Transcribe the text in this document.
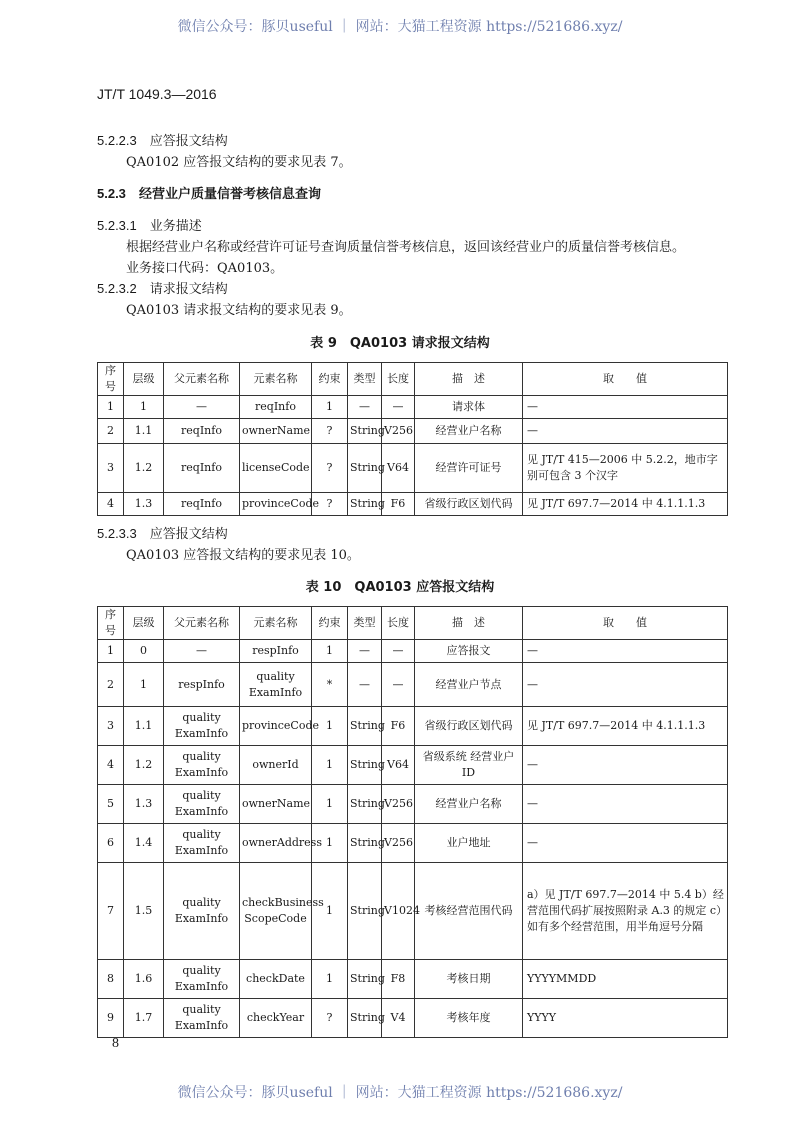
微信公众号：豚贝useful ｜ 网站：大猫工程资源 https://521686.xyz/
JT/T 1049.3—2016
5.2.2.3　 应答报文结构
QA0102 应答报文结构的要求见表 7。
5.2.3　 经营业户质量信誉考核信息查询
5.2.3.1　 业务描述
根据经营业户名称或经营许可证号查询质量信誉考核信息，返回该经营业户的质量信誉考核信息。
业务接口代码：QA0103。
5.2.3.2　 请求报文结构
QA0103 请求报文结构的要求见表 9。
表 9　QA0103 请求报文结构
序号	层级	父元素名称	元素名称	约束	类型	长度	描　述	取　　值
1	1	—	reqInfo	1	—	—	请求体	—
2	1.1	reqInfo	ownerName	?	String	V256	经营业户名称	—
3	1.2	reqInfo	licenseCode	?	String	V64	经营许可证号	见 JT/T 415—2006 中 5.2.2，地市字别可包含 3 个汉字
4	1.3	reqInfo	provinceCode	?	String	F6	省级行政区划代码	见 JT/T 697.7—2014 中 4.1.1.1.3
5.2.3.3　 应答报文结构
QA0103 应答报文结构的要求见表 10。
表 10　QA0103 应答报文结构
序号	层级	父元素名称	元素名称	约束	类型	长度	描　述	取　　值
1	0	—	respInfo	1	—	—	应答报文	—
2	1	respInfo	quality ExamInfo	*	—	—	经营业户节点	—
3	1.1	quality ExamInfo	provinceCode	1	String	F6	省级行政区划代码	见 JT/T 697.7—2014 中 4.1.1.1.3
4	1.2	quality ExamInfo	ownerId	1	String	V64	省级系统 经营业户 ID	—
5	1.3	quality ExamInfo	ownerName	1	String	V256	经营业户名称	—
6	1.4	quality ExamInfo	ownerAddress	1	String	V256	业户地址	—
7	1.5	quality ExamInfo	checkBusiness ScopeCode	1	String	V1024	考核经营范围代码	a）见 JT/T 697.7—2014 中 5.4 b）经营范围代码扩展按照附录 A.3 的规定 c）如有多个经营范围，用半角逗号分隔
8	1.6	quality ExamInfo	checkDate	1	String	F8	考核日期	YYYYMMDD
9	1.7	quality ExamInfo	checkYear	?	String	V4	考核年度	YYYY
8
微信公众号：豚贝useful ｜ 网站：大猫工程资源 https://521686.xyz/
